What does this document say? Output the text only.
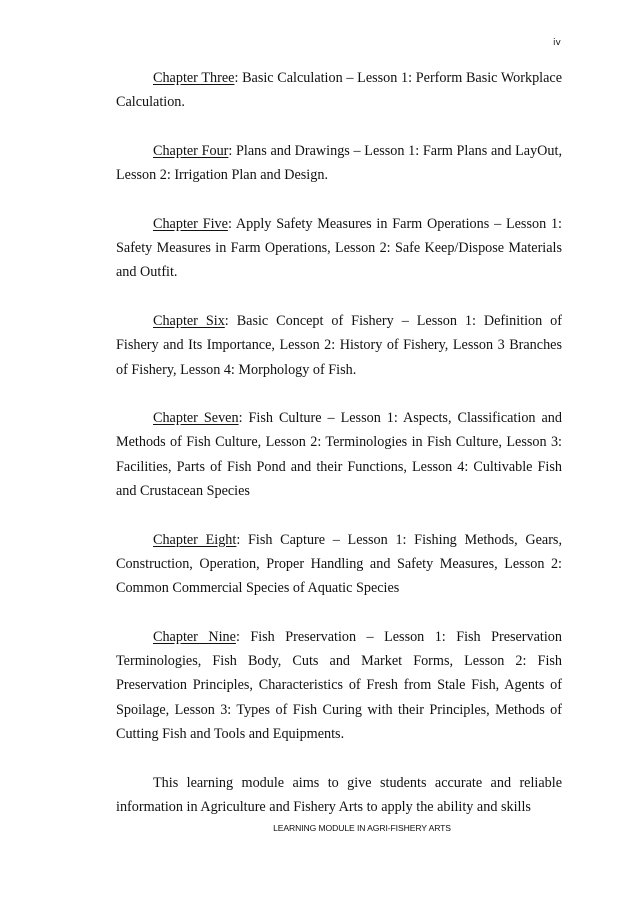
iv

Chapter Three: Basic Calculation – Lesson 1: Perform Basic Workplace Calculation.

Chapter Four: Plans and Drawings – Lesson 1: Farm Plans and LayOut, Lesson 2: Irrigation Plan and Design.

Chapter Five: Apply Safety Measures in Farm Operations – Lesson 1: Safety Measures in Farm Operations, Lesson 2: Safe Keep/Dispose Materials and Outfit.

Chapter Six: Basic Concept of Fishery – Lesson 1: Definition of Fishery and Its Importance, Lesson 2: History of Fishery, Lesson 3 Branches of Fishery, Lesson 4: Morphology of Fish.

Chapter Seven: Fish Culture – Lesson 1: Aspects, Classification and Methods of Fish Culture, Lesson 2: Terminologies in Fish Culture, Lesson 3: Facilities, Parts of Fish Pond and their Functions, Lesson 4: Cultivable Fish and Crustacean Species

Chapter Eight: Fish Capture – Lesson 1: Fishing Methods, Gears, Construction, Operation, Proper Handling and Safety Measures, Lesson 2: Common Commercial Species of Aquatic Species

Chapter Nine: Fish Preservation – Lesson 1: Fish Preservation Terminologies, Fish Body, Cuts and Market Forms, Lesson 2: Fish Preservation Principles, Characteristics of Fresh from Stale Fish, Agents of Spoilage, Lesson 3: Types of Fish Curing with their Principles, Methods of Cutting Fish and Tools and Equipments.

This learning module aims to give students accurate and reliable information in Agriculture and Fishery Arts to apply the ability and skills

LEARNING MODULE IN AGRI-FISHERY ARTS
